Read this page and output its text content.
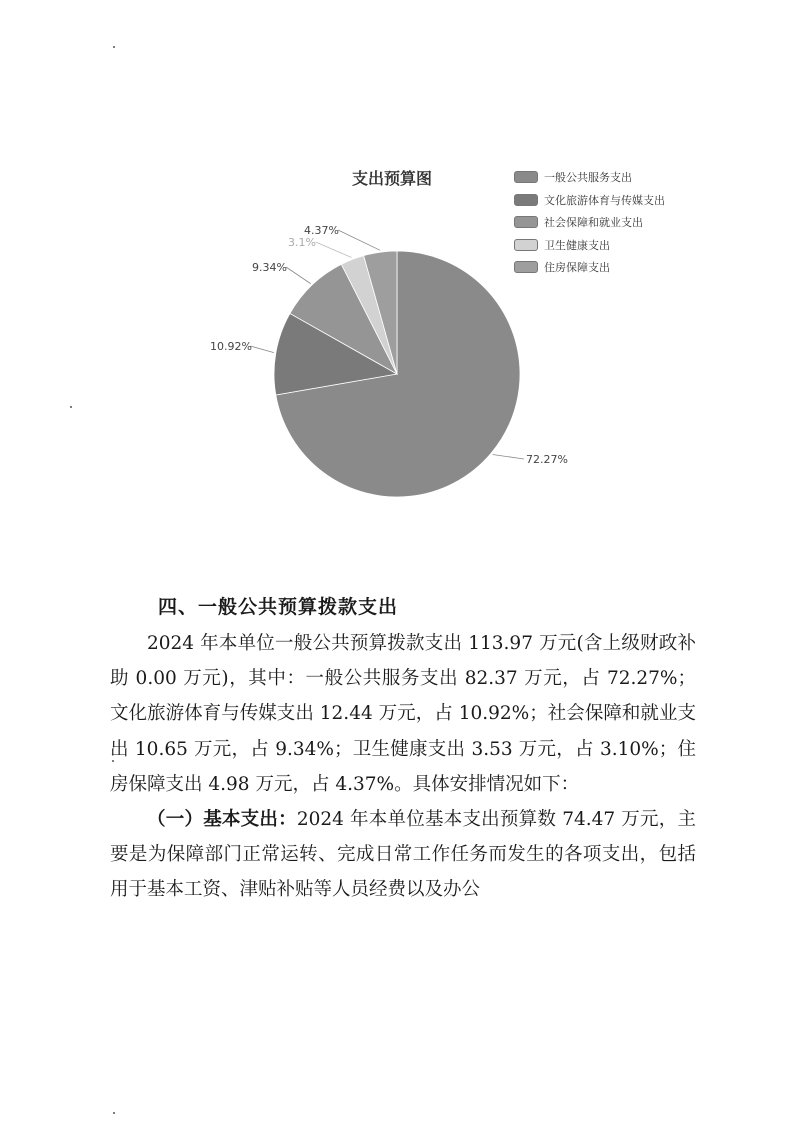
支出预算图	一般公共服务支出
文化旅游体育与传媒支出
社会保障和就业支出
卫生健康支出
住房保障支出
72.27%
10.92%
9.34%
3.1%
4.37%
四、一般公共预算拨款支出

2024 年本单位一般公共预算拨款支出 113.97 万元(含上级财政补助 0.00 万元)，其中：一般公共服务支出 82.37 万元，占 72.27%；文化旅游体育与传媒支出 12.44 万元，占 10.92%；社会保障和就业支出 10.65 万元，占 9.34%；卫生健康支出 3.53 万元，占 3.10%；住房保障支出 4.98 万元，占 4.37%。具体安排情况如下：

（一）基本支出：2024 年本单位基本支出预算数 74.47 万元，主要是为保障部门正常运转、完成日常工作任务而发生的各项支出，包括用于基本工资、津贴补贴等人员经费以及办公
